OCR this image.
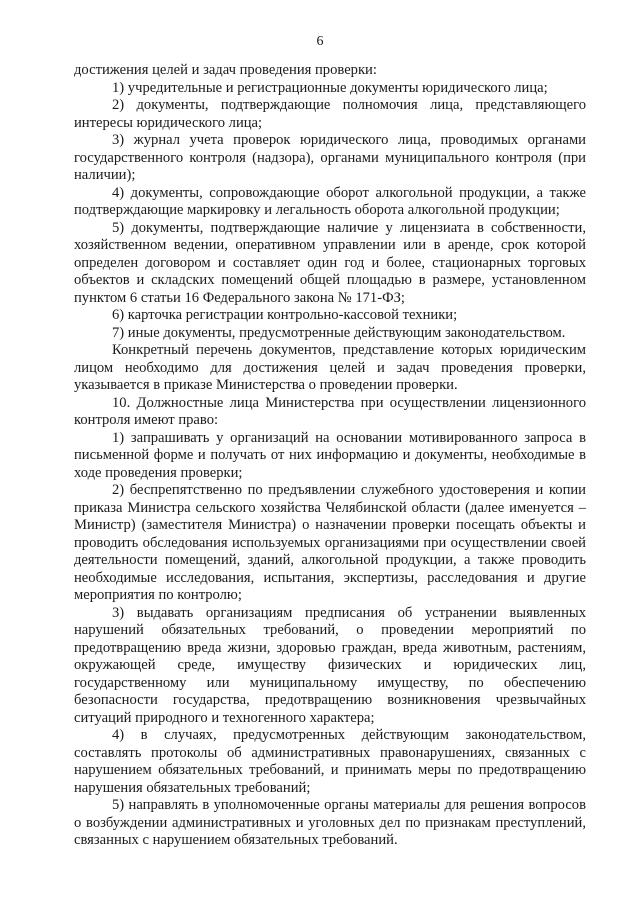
6

достижения целей и задач проведения проверки:

1) учредительные и регистрационные документы юридического лица;

2) документы, подтверждающие полномочия лица, представляющего интересы юридического лица;

3) журнал учета проверок юридического лица, проводимых органами государственного контроля (надзора), органами муниципального контроля (при наличии);

4) документы, сопровождающие оборот алкогольной продукции, а также подтверждающие маркировку и легальность оборота алкогольной продукции;

5) документы, подтверждающие наличие у лицензиата в собственности, хозяйственном ведении, оперативном управлении или в аренде, срок которой определен договором и составляет один год и более, стационарных торговых объектов и складских помещений общей площадью в размере, установленном пунктом 6 статьи 16 Федерального закона № 171-ФЗ;

6) карточка регистрации контрольно-кассовой техники;

7) иные документы, предусмотренные действующим законодательством.

Конкретный перечень документов, представление которых юридическим лицом необходимо для достижения целей и задач проведения проверки, указывается в приказе Министерства о проведении проверки.

10. Должностные лица Министерства при осуществлении лицензионного контроля имеют право:

1) запрашивать у организаций на основании мотивированного запроса в письменной форме и получать от них информацию и документы, необходимые в ходе проведения проверки;

2) беспрепятственно по предъявлении служебного удостоверения и копии приказа Министра сельского хозяйства Челябинской области (далее именуется – Министр) (заместителя Министра) о назначении проверки посещать объекты и проводить обследования используемых организациями при осуществлении своей деятельности помещений, зданий, алкогольной продукции, а также проводить необходимые исследования, испытания, экспертизы, расследования и другие мероприятия по контролю;

3) выдавать организациям предписания об устранении выявленных нарушений обязательных требований, о проведении мероприятий по предотвращению вреда жизни, здоровью граждан, вреда животным, растениям, окружающей среде, имуществу физических и юридических лиц, государственному или муниципальному имуществу, по обеспечению безопасности государства, предотвращению возникновения чрезвычайных ситуаций природного и техногенного характера;

4) в случаях, предусмотренных действующим законодательством, составлять протоколы об административных правонарушениях, связанных с нарушением обязательных требований, и принимать меры по предотвращению нарушения обязательных требований;

5) направлять в уполномоченные органы материалы для решения вопросов о возбуждении административных и уголовных дел по признакам преступлений, связанных с нарушением обязательных требований.
